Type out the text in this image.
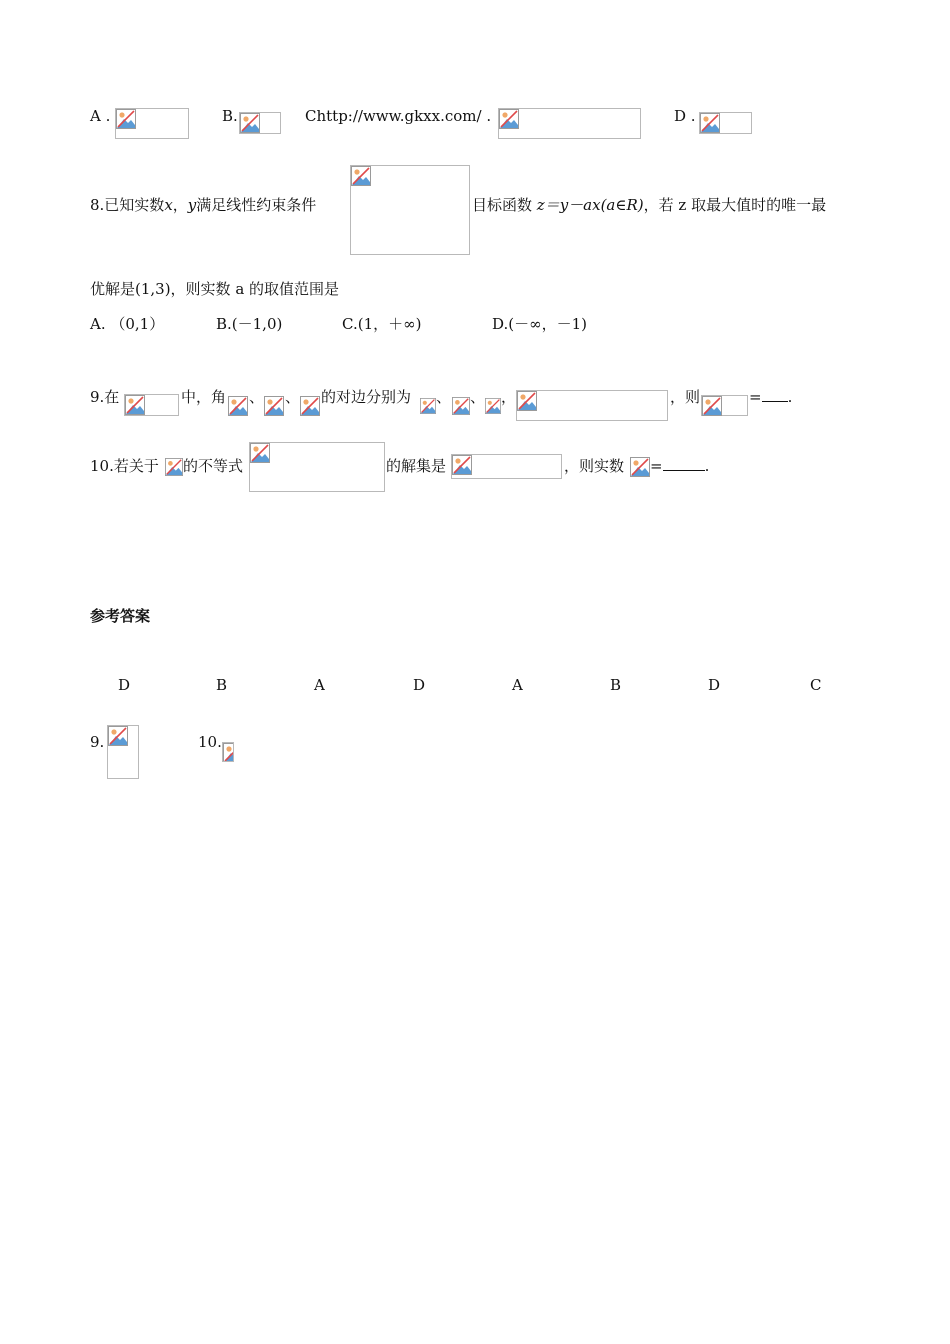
A .	B.	Chttp://www.gkxx.com/ .	D .
8.已知实数x，y满足线性约束条件	目标函数 z＝y－ax(a∈R)，若 z 取最大值时的唯一最
优解是(1,3)，则实数 a 的取值范围是
A. （0,1）	B.(－1,0)	C.(1，＋∞)	D.(－∞，－1)
9.在	中，角 、 、 的对边分别为 、 、 ，	，则	= .
10.若关于 的不等式	的解集是	，则实数 =	.
参考答案
D	B	A	D	A	B	D	C
9.	10.
